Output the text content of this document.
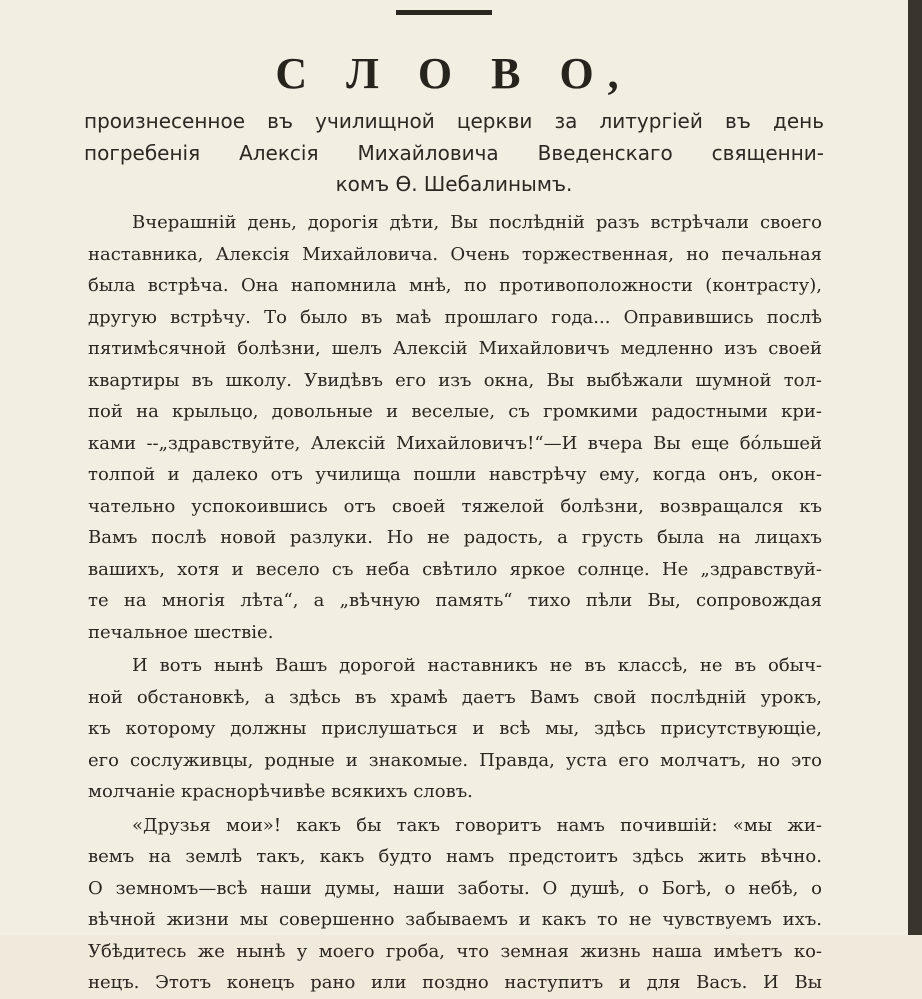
С Л О В О,
произнесенное въ училищной церкви за литургіей въ день
погребенія Алексія Михайловича Введенскаго священни-
комъ Ѳ. Шебалинымъ.
Вчерашній день, дорогія дѣти, Вы послѣдній разъ встрѣчали своего
наставника, Алексія Михайловича. Очень торжественная, но печальная
была встрѣча. Она напомнила мнѣ, по противоположности (контрасту),
другую встрѣчу. То было въ маѣ прошлаго года... Оправившись послѣ
пятимѣсячной болѣзни, шелъ Алексій Михайловичъ медленно изъ своей
квартиры въ школу. Увидѣвъ его изъ окна, Вы выбѣжали шумной тол-
пой на крыльцо, довольные и веселые, съ громкими радостными кри-
ками --„здравствуйте, Алексій Михайловичъ!“—И вчера Вы еще бо́льшей
толпой и далеко отъ училища пошли навстрѣчу ему, когда онъ, окон-
чательно успокоившись отъ своей тяжелой болѣзни, возвращался къ
Вамъ послѣ новой разлуки. Но не радость, а грусть была на лицахъ
вашихъ, хотя и весело съ неба свѣтило яркое солнце. Не „здравствуй-
те на многія лѣта“, а „вѣчную память“ тихо пѣли Вы, сопровождая
печальное шествіе.
И вотъ нынѣ Вашъ дорогой наставникъ не въ классѣ, не въ обыч-
ной обстановкѣ, а здѣсь въ храмѣ даетъ Вамъ свой послѣдній урокъ,
къ которому должны прислушаться и всѣ мы, здѣсь присутствующіе,
его сослуживцы, родные и знакомые. Правда, уста его молчатъ, но это
молчаніе краснорѣчивѣе всякихъ словъ.
«Друзья мои»! какъ бы такъ говоритъ намъ почившій: «мы жи-
вемъ на землѣ такъ, какъ будто намъ предстоитъ здѣсь жить вѣчно.
О земномъ—всѣ наши думы, наши заботы. О душѣ, о Богѣ, о небѣ, о
вѣчной жизни мы совершенно забываемъ и какъ то не чувствуемъ ихъ.
Убѣдитесь же нынѣ у моего гроба, что земная жизнь наша имѣетъ ко-
нецъ. Этотъ конецъ рано или поздно наступитъ и для Васъ. И Вы
